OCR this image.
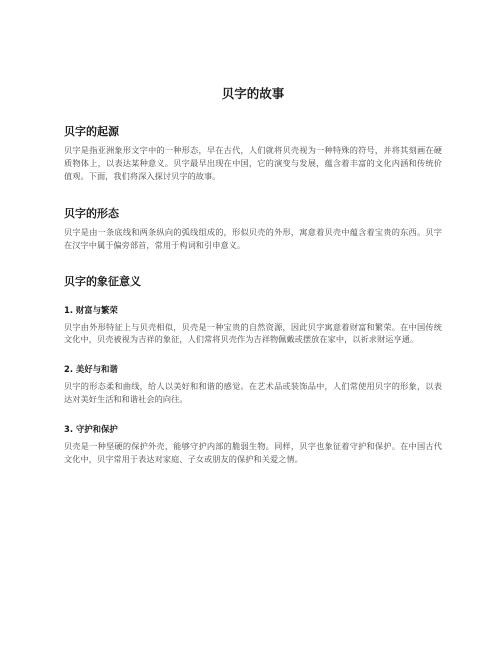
贝字的故事
贝字的起源

贝字是指亚洲象形文字中的一种形态，早在古代，人们就将贝壳视为一种特殊的符号，并将其刻画在硬质物体上，以表达某种意义。贝字最早出现在中国，它的演变与发展，蕴含着丰富的文化内涵和传统价值观。下面，我们将深入探讨贝字的故事。

贝字的形态

贝字是由一条底线和两条纵向的弧线组成的，形似贝壳的外形，寓意着贝壳中蕴含着宝贵的东西。贝字在汉字中属于偏旁部首，常用于构词和引申意义。

贝字的象征意义
1. 财富与繁荣

贝字由外形特征上与贝壳相似，贝壳是一种宝贵的自然资源，因此贝字寓意着财富和繁荣。在中国传统文化中，贝壳被视为吉祥的象征，人们常将贝壳作为吉祥物佩戴或摆放在家中，以祈求财运亨通。

2. 美好与和谐

贝字的形态柔和曲线，给人以美好和和谐的感觉。在艺术品或装饰品中，人们常使用贝字的形象，以表达对美好生活和和谐社会的向往。

3. 守护和保护

贝壳是一种坚硬的保护外壳，能够守护内部的脆弱生物。同样，贝字也象征着守护和保护。在中国古代文化中，贝字常用于表达对家庭、子女或朋友的保护和关爱之情。
